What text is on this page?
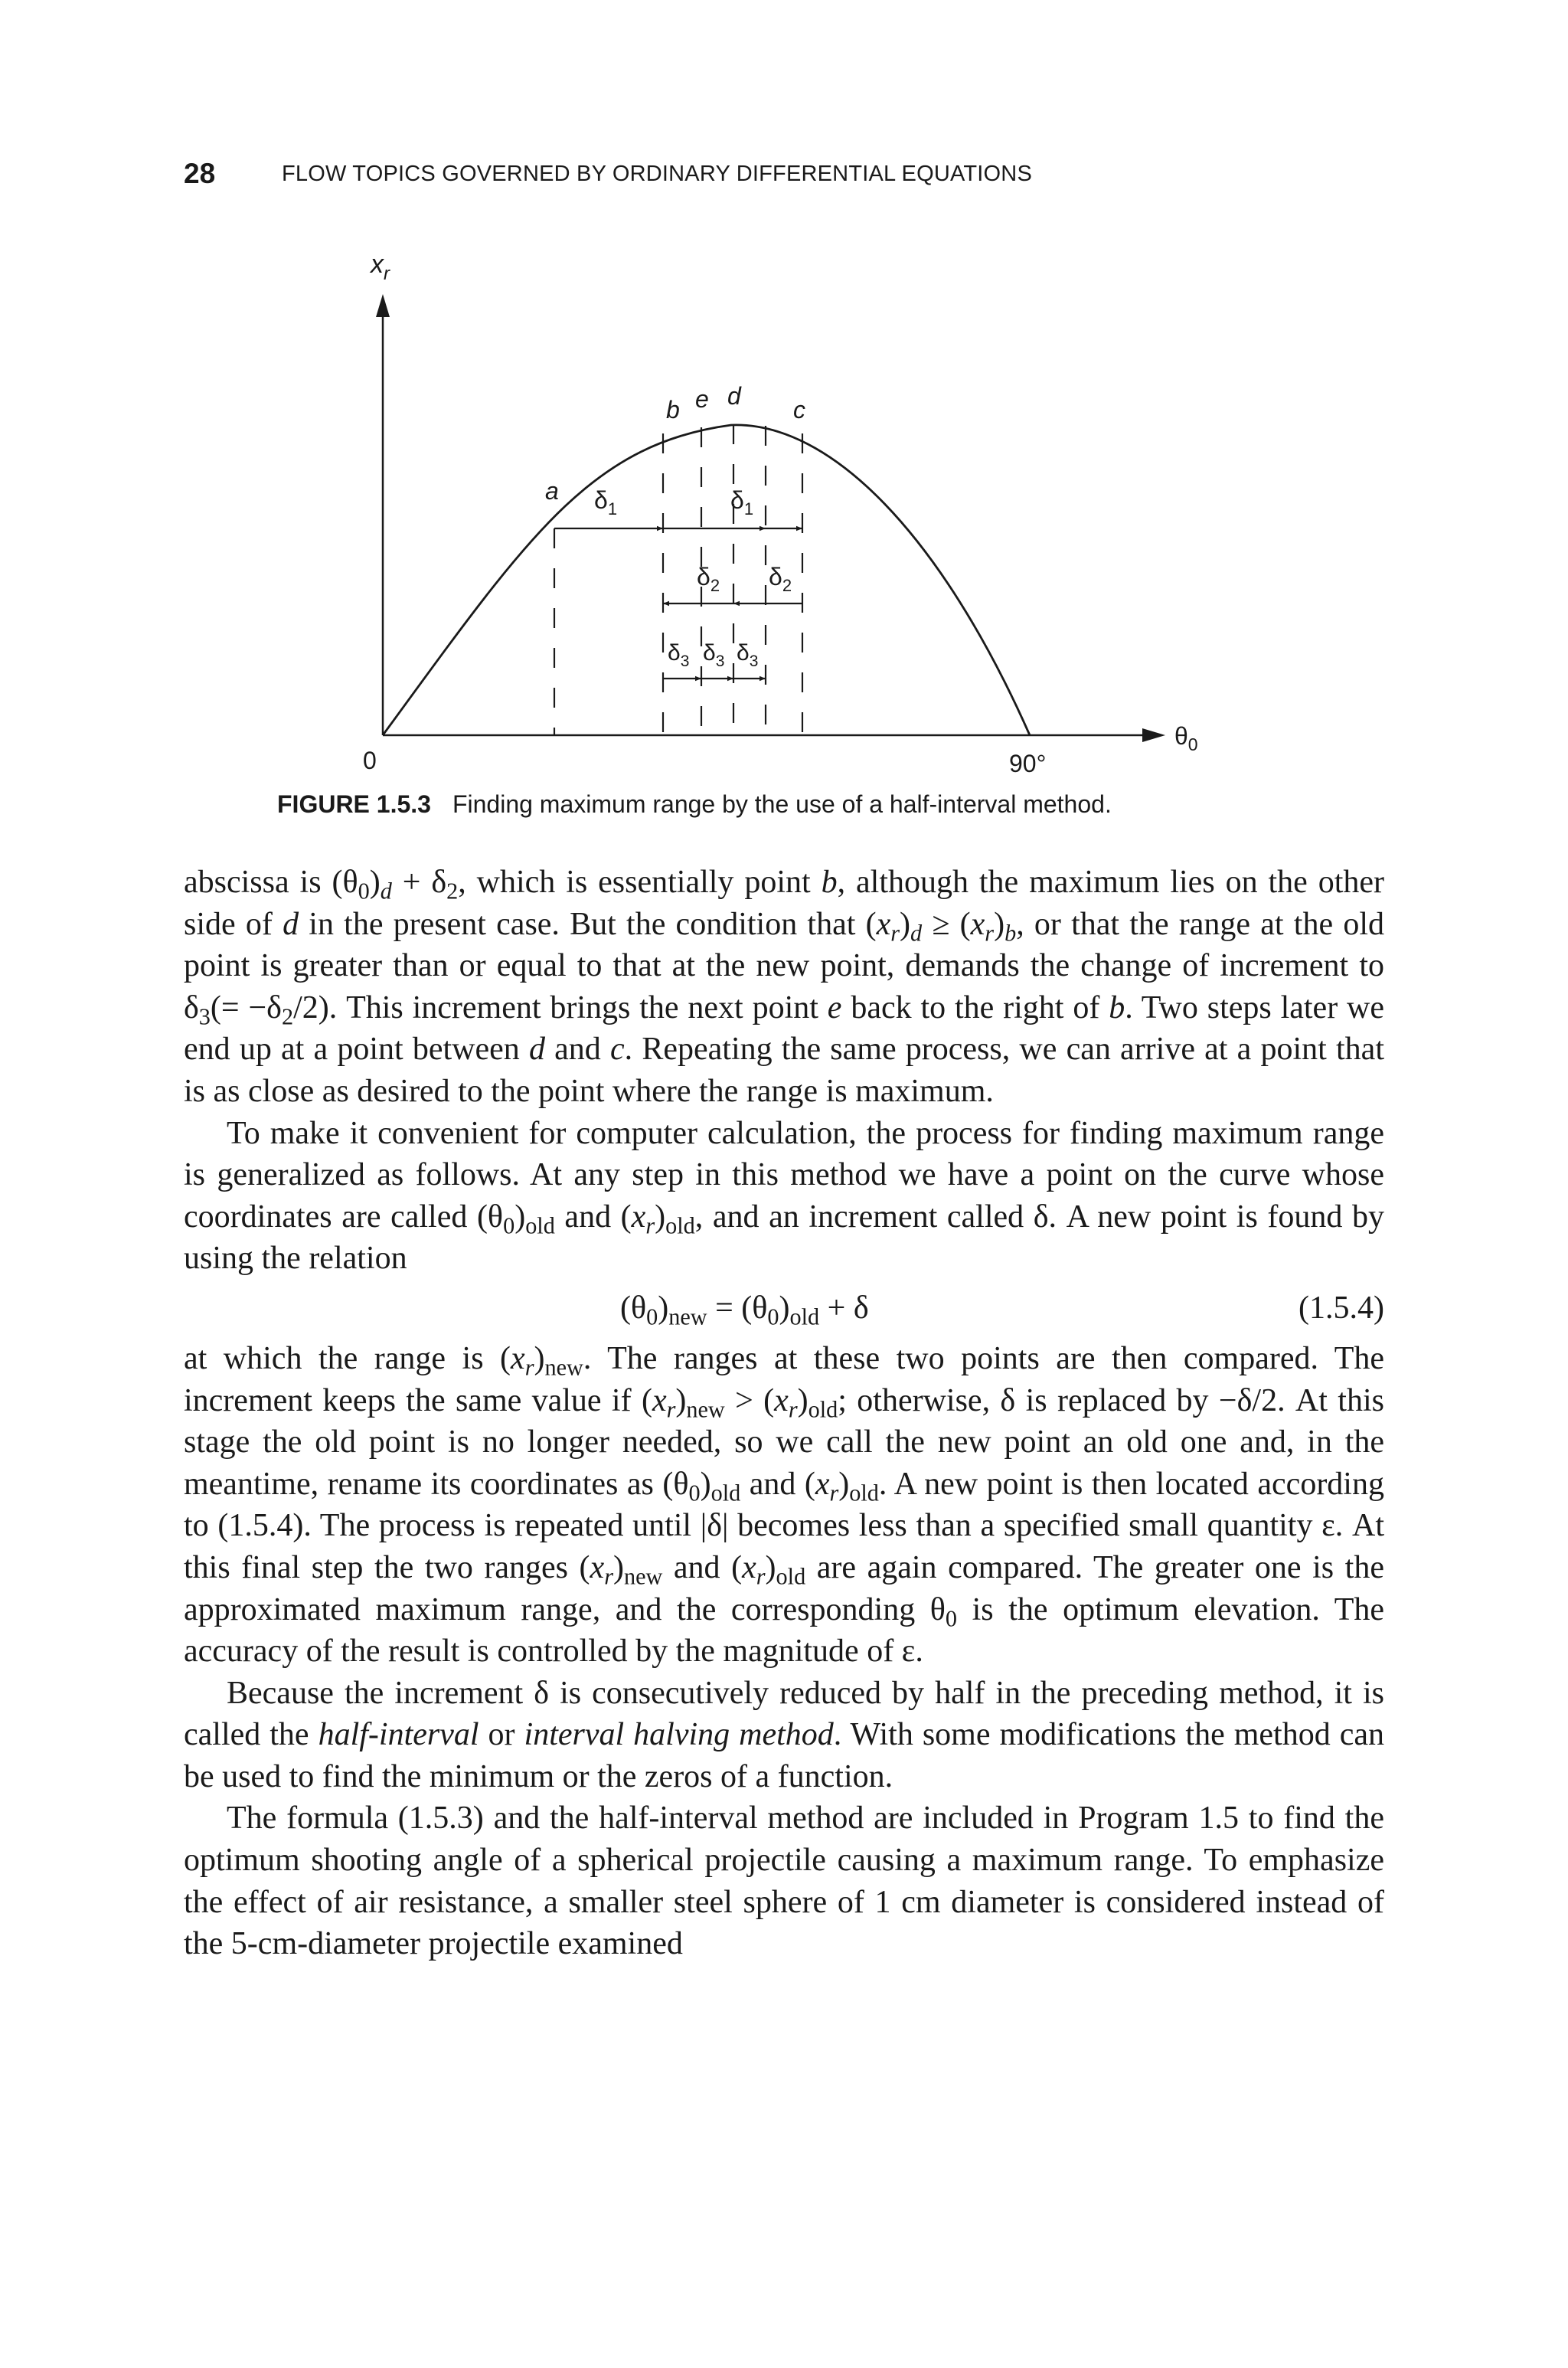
28	FLOW TOPICS GOVERNED BY ORDINARY DIFFERENTIAL EQUATIONS
$x_r$
$\theta_0$
0	90°
a
b e d c
$\delta_1$	$\delta_1$
$\delta_2$ $\delta_2$
$\delta_3$ $\delta_3$ $\delta_3$
FIGURE 1.5.3 Finding maximum range by the use of a half-interval method.

abscissa is $(\theta_0)_d + \delta_2$, which is essentially point b, although the maximum lies on the other side of d in the present case. But the condition that $(x_r)_d \ge (x_r)_b$, or that the range at the old point is greater than or equal to that at the new point, demands the change of increment to $\delta_3(= -\delta_2/2)$. This increment brings the next point e back to the right of b. Two steps later we end up at a point between d and c. Repeating the same process, we can arrive at a point that is as close as desired to the point where the range is maximum.

To make it convenient for computer calculation, the process for finding maximum range is generalized as follows. At any step in this method we have a point on the curve whose coordinates are called $(\theta_0)_{old}$ and $(x_r)_{old}$, and an increment called δ. A new point is found by using the relation

$(\theta_0)_{new} = (\theta_0)_{old} + \delta$	(1.5.4)

at which the range is $(x_r)_{new}$. The ranges at these two points are then compared. The increment keeps the same value if $(x_r)_{new} > (x_r)_{old}$; otherwise, δ is replaced by −δ/2. At this stage the old point is no longer needed, so we call the new point an old one and, in the meantime, rename its coordinates as $(\theta_0)_{old}$ and $(x_r)_{old}$. A new point is then located according to (1.5.4). The process is repeated until |δ| becomes less than a specified small quantity ε. At this final step the two ranges $(x_r)_{new}$ and $(x_r)_{old}$ are again compared. The greater one is the approximated maximum range, and the corresponding $\theta_0$ is the optimum elevation. The accuracy of the result is controlled by the magnitude of ε.

Because the increment δ is consecutively reduced by half in the preceding method, it is called the half-interval or interval halving method. With some modifications the method can be used to find the minimum or the zeros of a function.

The formula (1.5.3) and the half-interval method are included in Program 1.5 to find the optimum shooting angle of a spherical projectile causing a maximum range. To emphasize the effect of air resistance, a smaller steel sphere of 1 cm diameter is considered instead of the 5-cm-diameter projectile examined
